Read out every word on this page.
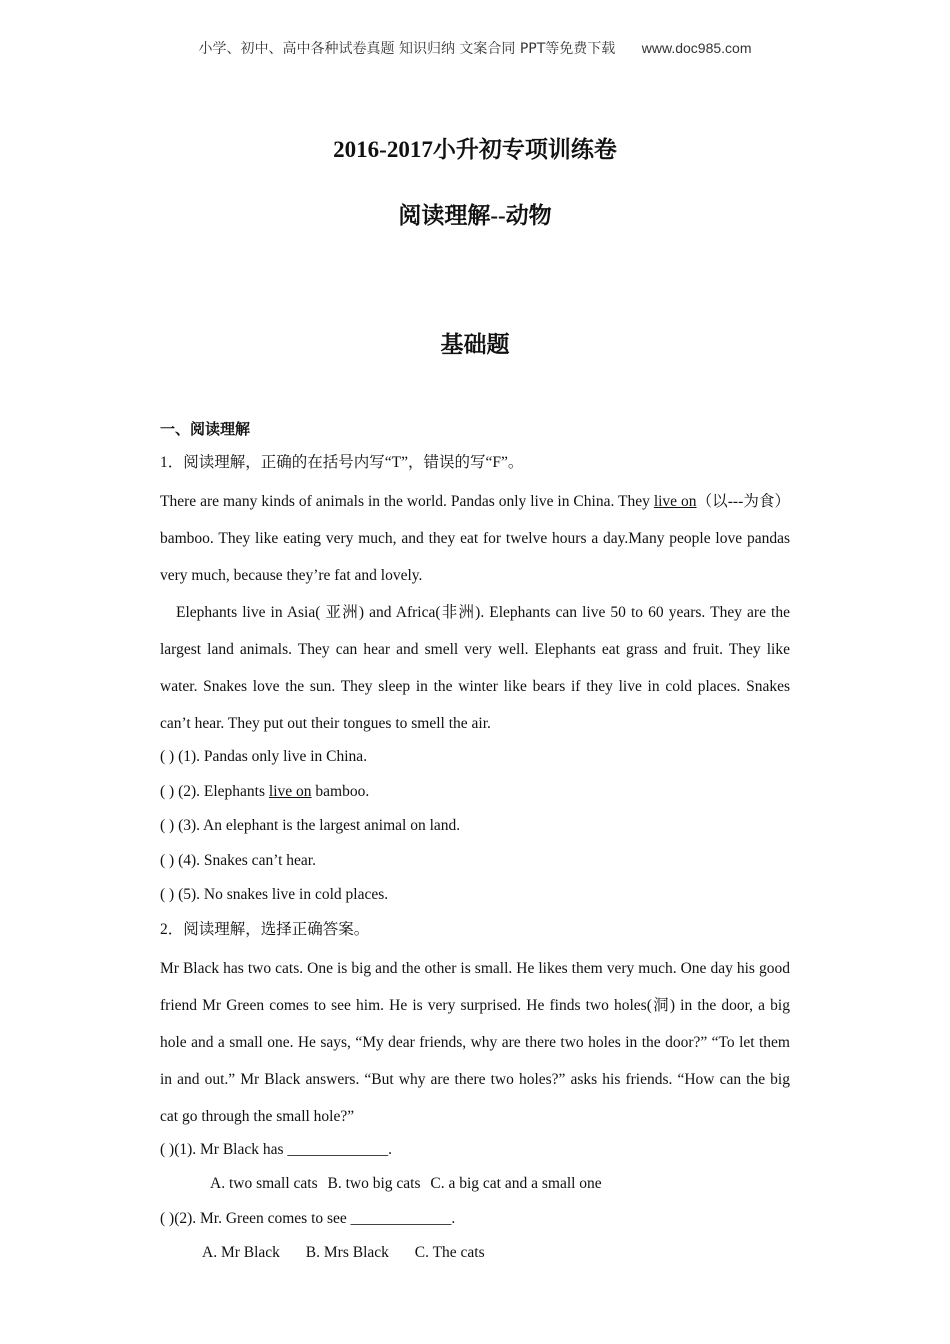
小学、初中、高中各种试卷真题 知识归纳 文案合同 PPT等免费下载 www.doc985.com
2016-2017小升初专项训练卷
阅读理解--动物
基础题

一、阅读理解

1．阅读理解，正确的在括号内写“T”，错误的写“F”。

There are many kinds of animals in the world. Pandas only live in China. They live on（以---为食） bamboo. They like eating very much, and they eat for twelve hours a day.Many people love pandas very much, because they’re fat and lovely.

Elephants live in Asia( 亚洲) and Africa(非洲). Elephants can live 50 to 60 years. They are the largest land animals. They can hear and smell very well. Elephants eat grass and fruit. They like water. Snakes love the sun. They sleep in the winter like bears if they live in cold places. Snakes can’t hear. They put out their tongues to smell the air.

( ) (1). Pandas only live in China.

( ) (2). Elephants live on bamboo.

( ) (3). An elephant is the largest animal on land.

( ) (4). Snakes can’t hear.

( ) (5). No snakes live in cold places.

2．阅读理解，选择正确答案。

Mr Black has two cats. One is big and the other is small. He likes them very much. One day his good friend Mr Green comes to see him. He is very surprised. He finds two holes(洞) in the door, a big hole and a small one. He says, “My dear friends, why are there two holes in the door?” “To let them in and out.” Mr Black answers. “But why are there two holes?” asks his friends. “How can the big cat go through the small hole?”

( )(1). Mr Black has _____________.

A. two small cats B. two big cats C. a big cat and a small one

( )(2). Mr. Green comes to see _____________.

A. Mr Black B. Mrs Black C. The cats
